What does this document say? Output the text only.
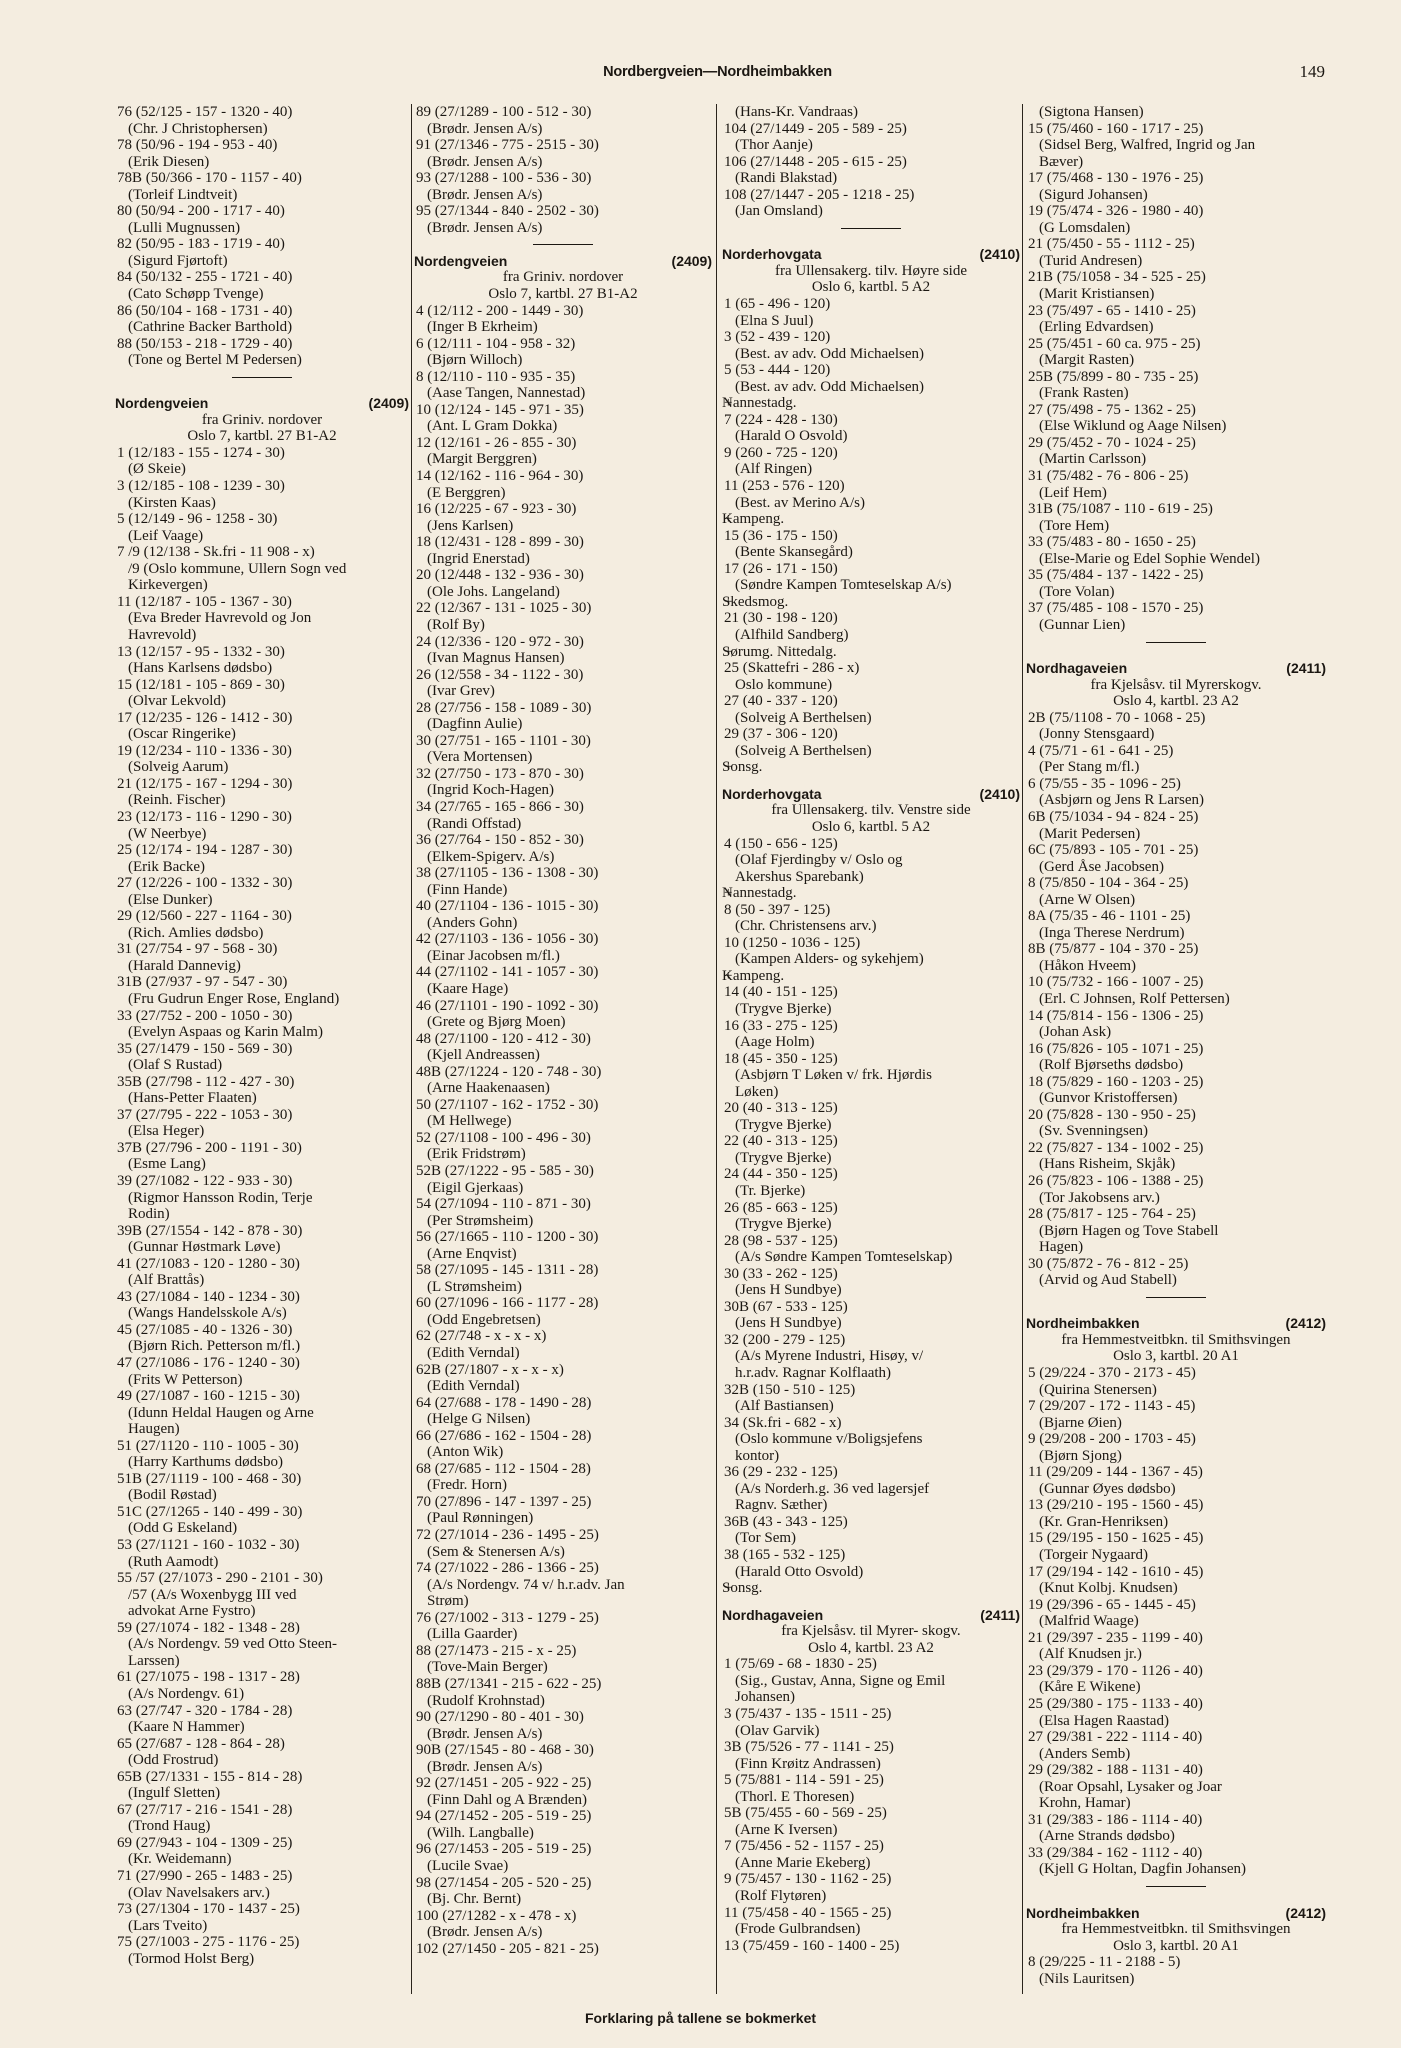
Nordbergveien—Nordheimbakken	149
76 (52/125 - 157 - 1320 - 40)
(Chr. J Christophersen)
78 (50/96 - 194 - 953 - 40)
(Erik Diesen)
78B (50/366 - 170 - 1157 - 40)
(Torleif Lindtveit)
80 (50/94 - 200 - 1717 - 40)
(Lulli Mugnussen)
82 (50/95 - 183 - 1719 - 40)
(Sigurd Fjørtoft)
84 (50/132 - 255 - 1721 - 40)
(Cato Schøpp Tvenge)
86 (50/104 - 168 - 1731 - 40)
(Cathrine Backer Barthold)
88 (50/153 - 218 - 1729 - 40)
(Tone og Bertel M Pedersen)
Nordengveien	(2409)
fra Griniv. nordover
Oslo 7, kartbl. 27 B1-A2
1 (12/183 - 155 - 1274 - 30)
(Ø Skeie)
3 (12/185 - 108 - 1239 - 30)
(Kirsten Kaas)
5 (12/149 - 96 - 1258 - 30)
(Leif Vaage)
7 /9 (12/138 - Sk.fri - 11 908 - x)
/9 (Oslo kommune, Ullern Sogn ved
Kirkevergen)
11 (12/187 - 105 - 1367 - 30)
(Eva Breder Havrevold og Jon
Havrevold)
13 (12/157 - 95 - 1332 - 30)
(Hans Karlsens dødsbo)
15 (12/181 - 105 - 869 - 30)
(Olvar Lekvold)
17 (12/235 - 126 - 1412 - 30)
(Oscar Ringerike)
19 (12/234 - 110 - 1336 - 30)
(Solveig Aarum)
21 (12/175 - 167 - 1294 - 30)
(Reinh. Fischer)
23 (12/173 - 116 - 1290 - 30)
(W Neerbye)
25 (12/174 - 194 - 1287 - 30)
(Erik Backe)
27 (12/226 - 100 - 1332 - 30)
(Else Dunker)
29 (12/560 - 227 - 1164 - 30)
(Rich. Amlies dødsbo)
31 (27/754 - 97 - 568 - 30)
(Harald Dannevig)
31B (27/937 - 97 - 547 - 30)
(Fru Gudrun Enger Rose, England)
33 (27/752 - 200 - 1050 - 30)
(Evelyn Aspaas og Karin Malm)
35 (27/1479 - 150 - 569 - 30)
(Olaf S Rustad)
35B (27/798 - 112 - 427 - 30)
(Hans-Petter Flaaten)
37 (27/795 - 222 - 1053 - 30)
(Elsa Heger)
37B (27/796 - 200 - 1191 - 30)
(Esme Lang)
39 (27/1082 - 122 - 933 - 30)
(Rigmor Hansson Rodin, Terje
Rodin)
39B (27/1554 - 142 - 878 - 30)
(Gunnar Høstmark Løve)
41 (27/1083 - 120 - 1280 - 30)
(Alf Brattås)
43 (27/1084 - 140 - 1234 - 30)
(Wangs Handelsskole A/s)
45 (27/1085 - 40 - 1326 - 30)
(Bjørn Rich. Petterson m/fl.)
47 (27/1086 - 176 - 1240 - 30)
(Frits W Petterson)
49 (27/1087 - 160 - 1215 - 30)
(Idunn Heldal Haugen og Arne
Haugen)
51 (27/1120 - 110 - 1005 - 30)
(Harry Karthums dødsbo)
51B (27/1119 - 100 - 468 - 30)
(Bodil Røstad)
51C (27/1265 - 140 - 499 - 30)
(Odd G Eskeland)
53 (27/1121 - 160 - 1032 - 30)
(Ruth Aamodt)
55 /57 (27/1073 - 290 - 2101 - 30)
/57 (A/s Woxenbygg III ved
advokat Arne Fystro)
59 (27/1074 - 182 - 1348 - 28)
(A/s Nordengv. 59 ved Otto Steen-
Larssen)
61 (27/1075 - 198 - 1317 - 28)
(A/s Nordengv. 61)
63 (27/747 - 320 - 1784 - 28)
(Kaare N Hammer)
65 (27/687 - 128 - 864 - 28)
(Odd Frostrud)
65B (27/1331 - 155 - 814 - 28)
(Ingulf Sletten)
67 (27/717 - 216 - 1541 - 28)
(Trond Haug)
69 (27/943 - 104 - 1309 - 25)
(Kr. Weidemann)
71 (27/990 - 265 - 1483 - 25)
(Olav Navelsakers arv.)
73 (27/1304 - 170 - 1437 - 25)
(Lars Tveito)
75 (27/1003 - 275 - 1176 - 25)
(Tormod Holst Berg)
89 (27/1289 - 100 - 512 - 30)
(Brødr. Jensen A/s)
91 (27/1346 - 775 - 2515 - 30)
(Brødr. Jensen A/s)
93 (27/1288 - 100 - 536 - 30)
(Brødr. Jensen A/s)
95 (27/1344 - 840 - 2502 - 30)
(Brødr. Jensen A/s)
Nordengveien	(2409)
fra Griniv. nordover
Oslo 7, kartbl. 27 B1-A2
4 (12/112 - 200 - 1449 - 30)
(Inger B Ekrheim)
6 (12/111 - 104 - 958 - 32)
(Bjørn Willoch)
8 (12/110 - 110 - 935 - 35)
(Aase Tangen, Nannestad)
10 (12/124 - 145 - 971 - 35)
(Ant. L Gram Dokka)
12 (12/161 - 26 - 855 - 30)
(Margit Berggren)
14 (12/162 - 116 - 964 - 30)
(E Berggren)
16 (12/225 - 67 - 923 - 30)
(Jens Karlsen)
18 (12/431 - 128 - 899 - 30)
(Ingrid Enerstad)
20 (12/448 - 132 - 936 - 30)
(Ole Johs. Langeland)
22 (12/367 - 131 - 1025 - 30)
(Rolf By)
24 (12/336 - 120 - 972 - 30)
(Ivan Magnus Hansen)
26 (12/558 - 34 - 1122 - 30)
(Ivar Grev)
28 (27/756 - 158 - 1089 - 30)
(Dagfinn Aulie)
30 (27/751 - 165 - 1101 - 30)
(Vera Mortensen)
32 (27/750 - 173 - 870 - 30)
(Ingrid Koch-Hagen)
34 (27/765 - 165 - 866 - 30)
(Randi Offstad)
36 (27/764 - 150 - 852 - 30)
(Elkem-Spigerv. A/s)
38 (27/1105 - 136 - 1308 - 30)
(Finn Hande)
40 (27/1104 - 136 - 1015 - 30)
(Anders Gohn)
42 (27/1103 - 136 - 1056 - 30)
(Einar Jacobsen m/fl.)
44 (27/1102 - 141 - 1057 - 30)
(Kaare Hage)
46 (27/1101 - 190 - 1092 - 30)
(Grete og Bjørg Moen)
48 (27/1100 - 120 - 412 - 30)
(Kjell Andreassen)
48B (27/1224 - 120 - 748 - 30)
(Arne Haakenaasen)
50 (27/1107 - 162 - 1752 - 30)
(M Hellwege)
52 (27/1108 - 100 - 496 - 30)
(Erik Fridstrøm)
52B (27/1222 - 95 - 585 - 30)
(Eigil Gjerkaas)
54 (27/1094 - 110 - 871 - 30)
(Per Strømsheim)
56 (27/1665 - 110 - 1200 - 30)
(Arne Enqvist)
58 (27/1095 - 145 - 1311 - 28)
(L Strømsheim)
60 (27/1096 - 166 - 1177 - 28)
(Odd Engebretsen)
62 (27/748 - x - x - x)
(Edith Verndal)
62B (27/1807 - x - x - x)
(Edith Verndal)
64 (27/688 - 178 - 1490 - 28)
(Helge G Nilsen)
66 (27/686 - 162 - 1504 - 28)
(Anton Wik)
68 (27/685 - 112 - 1504 - 28)
(Fredr. Horn)
70 (27/896 - 147 - 1397 - 25)
(Paul Rønningen)
72 (27/1014 - 236 - 1495 - 25)
(Sem & Stenersen A/s)
74 (27/1022 - 286 - 1366 - 25)
(A/s Nordengv. 74 v/ h.r.adv. Jan
Strøm)
76 (27/1002 - 313 - 1279 - 25)
(Lilla Gaarder)
88 (27/1473 - 215 - x - 25)
(Tove-Main Berger)
88B (27/1341 - 215 - 622 - 25)
(Rudolf Krohnstad)
90 (27/1290 - 80 - 401 - 30)
(Brødr. Jensen A/s)
90B (27/1545 - 80 - 468 - 30)
(Brødr. Jensen A/s)
92 (27/1451 - 205 - 922 - 25)
(Finn Dahl og A Brænden)
94 (27/1452 - 205 - 519 - 25)
(Wilh. Langballe)
96 (27/1453 - 205 - 519 - 25)
(Lucile Svae)
98 (27/1454 - 205 - 520 - 25)
(Bj. Chr. Bernt)
100 (27/1282 - x - 478 - x)
(Brødr. Jensen A/s)
102 (27/1450 - 205 - 821 - 25)
(Hans-Kr. Vandraas)
104 (27/1449 - 205 - 589 - 25)
(Thor Aanje)
106 (27/1448 - 205 - 615 - 25)
(Randi Blakstad)
108 (27/1447 - 205 - 1218 - 25)
(Jan Omsland)
Norderhovgata	(2410)
fra Ullensakerg. tilv. Høyre side
Oslo 6, kartbl. 5 A2
1 (65 - 496 - 120)
(Elna S Juul)
3 (52 - 439 - 120)
(Best. av adv. Odd Michaelsen)
5 (53 - 444 - 120)
(Best. av adv. Odd Michaelsen)
+ Nannestadg.
7 (224 - 428 - 130)
(Harald O Osvold)
9 (260 - 725 - 120)
(Alf Ringen)
11 (253 - 576 - 120)
(Best. av Merino A/s)
+ Kampeng.
15 (36 - 175 - 150)
(Bente Skansegård)
17 (26 - 171 - 150)
(Søndre Kampen Tomteselskap A/s)
+ Skedsmog.
21 (30 - 198 - 120)
(Alfhild Sandberg)
+ Sørumg. Nittedalg.
25 (Skattefri - 286 - x)
Oslo kommune)
27 (40 - 337 - 120)
(Solveig A Berthelsen)
29 (37 - 306 - 120)
(Solveig A Berthelsen)
+ Sonsg.
Norderhovgata	(2410)
fra Ullensakerg. tilv. Venstre side
Oslo 6, kartbl. 5 A2
4 (150 - 656 - 125)
(Olaf Fjerdingby v/ Oslo og
Akershus Sparebank)
+ Nannestadg.
8 (50 - 397 - 125)
(Chr. Christensens arv.)
10 (1250 - 1036 - 125)
(Kampen Alders- og sykehjem)
+ Kampeng.
14 (40 - 151 - 125)
(Trygve Bjerke)
16 (33 - 275 - 125)
(Aage Holm)
18 (45 - 350 - 125)
(Asbjørn T Løken v/ frk. Hjørdis
Løken)
20 (40 - 313 - 125)
(Trygve Bjerke)
22 (40 - 313 - 125)
(Trygve Bjerke)
24 (44 - 350 - 125)
(Tr. Bjerke)
26 (85 - 663 - 125)
(Trygve Bjerke)
28 (98 - 537 - 125)
(A/s Søndre Kampen Tomteselskap)
30 (33 - 262 - 125)
(Jens H Sundbye)
30B (67 - 533 - 125)
(Jens H Sundbye)
32 (200 - 279 - 125)
(A/s Myrene Industri, Hisøy, v/
h.r.adv. Ragnar Kolflaath)
32B (150 - 510 - 125)
(Alf Bastiansen)
34 (Sk.fri - 682 - x)
(Oslo kommune v/Boligsjefens
kontor)
36 (29 - 232 - 125)
(A/s Norderh.g. 36 ved lagersjef
Ragnv. Sæther)
36B (43 - 343 - 125)
(Tor Sem)
38 (165 - 532 - 125)
(Harald Otto Osvold)
+ Sonsg.
Nordhagaveien	(2411)
fra Kjelsåsv. til Myrer- skogv.
Oslo 4, kartbl. 23 A2
1 (75/69 - 68 - 1830 - 25)
(Sig., Gustav, Anna, Signe og Emil
Johansen)
3 (75/437 - 135 - 1511 - 25)
(Olav Garvik)
3B (75/526 - 77 - 1141 - 25)
(Finn Krøitz Andrassen)
5 (75/881 - 114 - 591 - 25)
(Thorl. E Thoresen)
5B (75/455 - 60 - 569 - 25)
(Arne K Iversen)
7 (75/456 - 52 - 1157 - 25)
(Anne Marie Ekeberg)
9 (75/457 - 130 - 1162 - 25)
(Rolf Flytøren)
11 (75/458 - 40 - 1565 - 25)
(Frode Gulbrandsen)
13 (75/459 - 160 - 1400 - 25)
(Sigtona Hansen)
15 (75/460 - 160 - 1717 - 25)
(Sidsel Berg, Walfred, Ingrid og Jan
Bæver)
17 (75/468 - 130 - 1976 - 25)
(Sigurd Johansen)
19 (75/474 - 326 - 1980 - 40)
(G Lomsdalen)
21 (75/450 - 55 - 1112 - 25)
(Turid Andresen)
21B (75/1058 - 34 - 525 - 25)
(Marit Kristiansen)
23 (75/497 - 65 - 1410 - 25)
(Erling Edvardsen)
25 (75/451 - 60 ca. 975 - 25)
(Margit Rasten)
25B (75/899 - 80 - 735 - 25)
(Frank Rasten)
27 (75/498 - 75 - 1362 - 25)
(Else Wiklund og Aage Nilsen)
29 (75/452 - 70 - 1024 - 25)
(Martin Carlsson)
31 (75/482 - 76 - 806 - 25)
(Leif Hem)
31B (75/1087 - 110 - 619 - 25)
(Tore Hem)
33 (75/483 - 80 - 1650 - 25)
(Else-Marie og Edel Sophie Wendel)
35 (75/484 - 137 - 1422 - 25)
(Tore Volan)
37 (75/485 - 108 - 1570 - 25)
(Gunnar Lien)
Nordhagaveien	(2411)
fra Kjelsåsv. til Myrerskogv.
Oslo 4, kartbl. 23 A2
2B (75/1108 - 70 - 1068 - 25)
(Jonny Stensgaard)
4 (75/71 - 61 - 641 - 25)
(Per Stang m/fl.)
6 (75/55 - 35 - 1096 - 25)
(Asbjørn og Jens R Larsen)
6B (75/1034 - 94 - 824 - 25)
(Marit Pedersen)
6C (75/893 - 105 - 701 - 25)
(Gerd Åse Jacobsen)
8 (75/850 - 104 - 364 - 25)
(Arne W Olsen)
8A (75/35 - 46 - 1101 - 25)
(Inga Therese Nerdrum)
8B (75/877 - 104 - 370 - 25)
(Håkon Hveem)
10 (75/732 - 166 - 1007 - 25)
(Erl. C Johnsen, Rolf Pettersen)
14 (75/814 - 156 - 1306 - 25)
(Johan Ask)
16 (75/826 - 105 - 1071 - 25)
(Rolf Bjørseths dødsbo)
18 (75/829 - 160 - 1203 - 25)
(Gunvor Kristoffersen)
20 (75/828 - 130 - 950 - 25)
(Sv. Svenningsen)
22 (75/827 - 134 - 1002 - 25)
(Hans Risheim, Skjåk)
26 (75/823 - 106 - 1388 - 25)
(Tor Jakobsens arv.)
28 (75/817 - 125 - 764 - 25)
(Bjørn Hagen og Tove Stabell
Hagen)
30 (75/872 - 76 - 812 - 25)
(Arvid og Aud Stabell)
Nordheimbakken	(2412)
fra Hemmestveitbkn. til Smithsvingen
Oslo 3, kartbl. 20 A1
5 (29/224 - 370 - 2173 - 45)
(Quirina Stenersen)
7 (29/207 - 172 - 1143 - 45)
(Bjarne Øien)
9 (29/208 - 200 - 1703 - 45)
(Bjørn Sjong)
11 (29/209 - 144 - 1367 - 45)
(Gunnar Øyes dødsbo)
13 (29/210 - 195 - 1560 - 45)
(Kr. Gran-Henriksen)
15 (29/195 - 150 - 1625 - 45)
(Torgeir Nygaard)
17 (29/194 - 142 - 1610 - 45)
(Knut Kolbj. Knudsen)
19 (29/396 - 65 - 1445 - 45)
(Malfrid Waage)
21 (29/397 - 235 - 1199 - 40)
(Alf Knudsen jr.)
23 (29/379 - 170 - 1126 - 40)
(Kåre E Wikene)
25 (29/380 - 175 - 1133 - 40)
(Elsa Hagen Raastad)
27 (29/381 - 222 - 1114 - 40)
(Anders Semb)
29 (29/382 - 188 - 1131 - 40)
(Roar Opsahl, Lysaker og Joar
Krohn, Hamar)
31 (29/383 - 186 - 1114 - 40)
(Arne Strands dødsbo)
33 (29/384 - 162 - 1112 - 40)
(Kjell G Holtan, Dagfin Johansen)
Nordheimbakken	(2412)
fra Hemmestveitbkn. til Smithsvingen
Oslo 3, kartbl. 20 A1
8 (29/225 - 11 - 2188 - 5)
(Nils Lauritsen)
Forklaring på tallene se bokmerket
